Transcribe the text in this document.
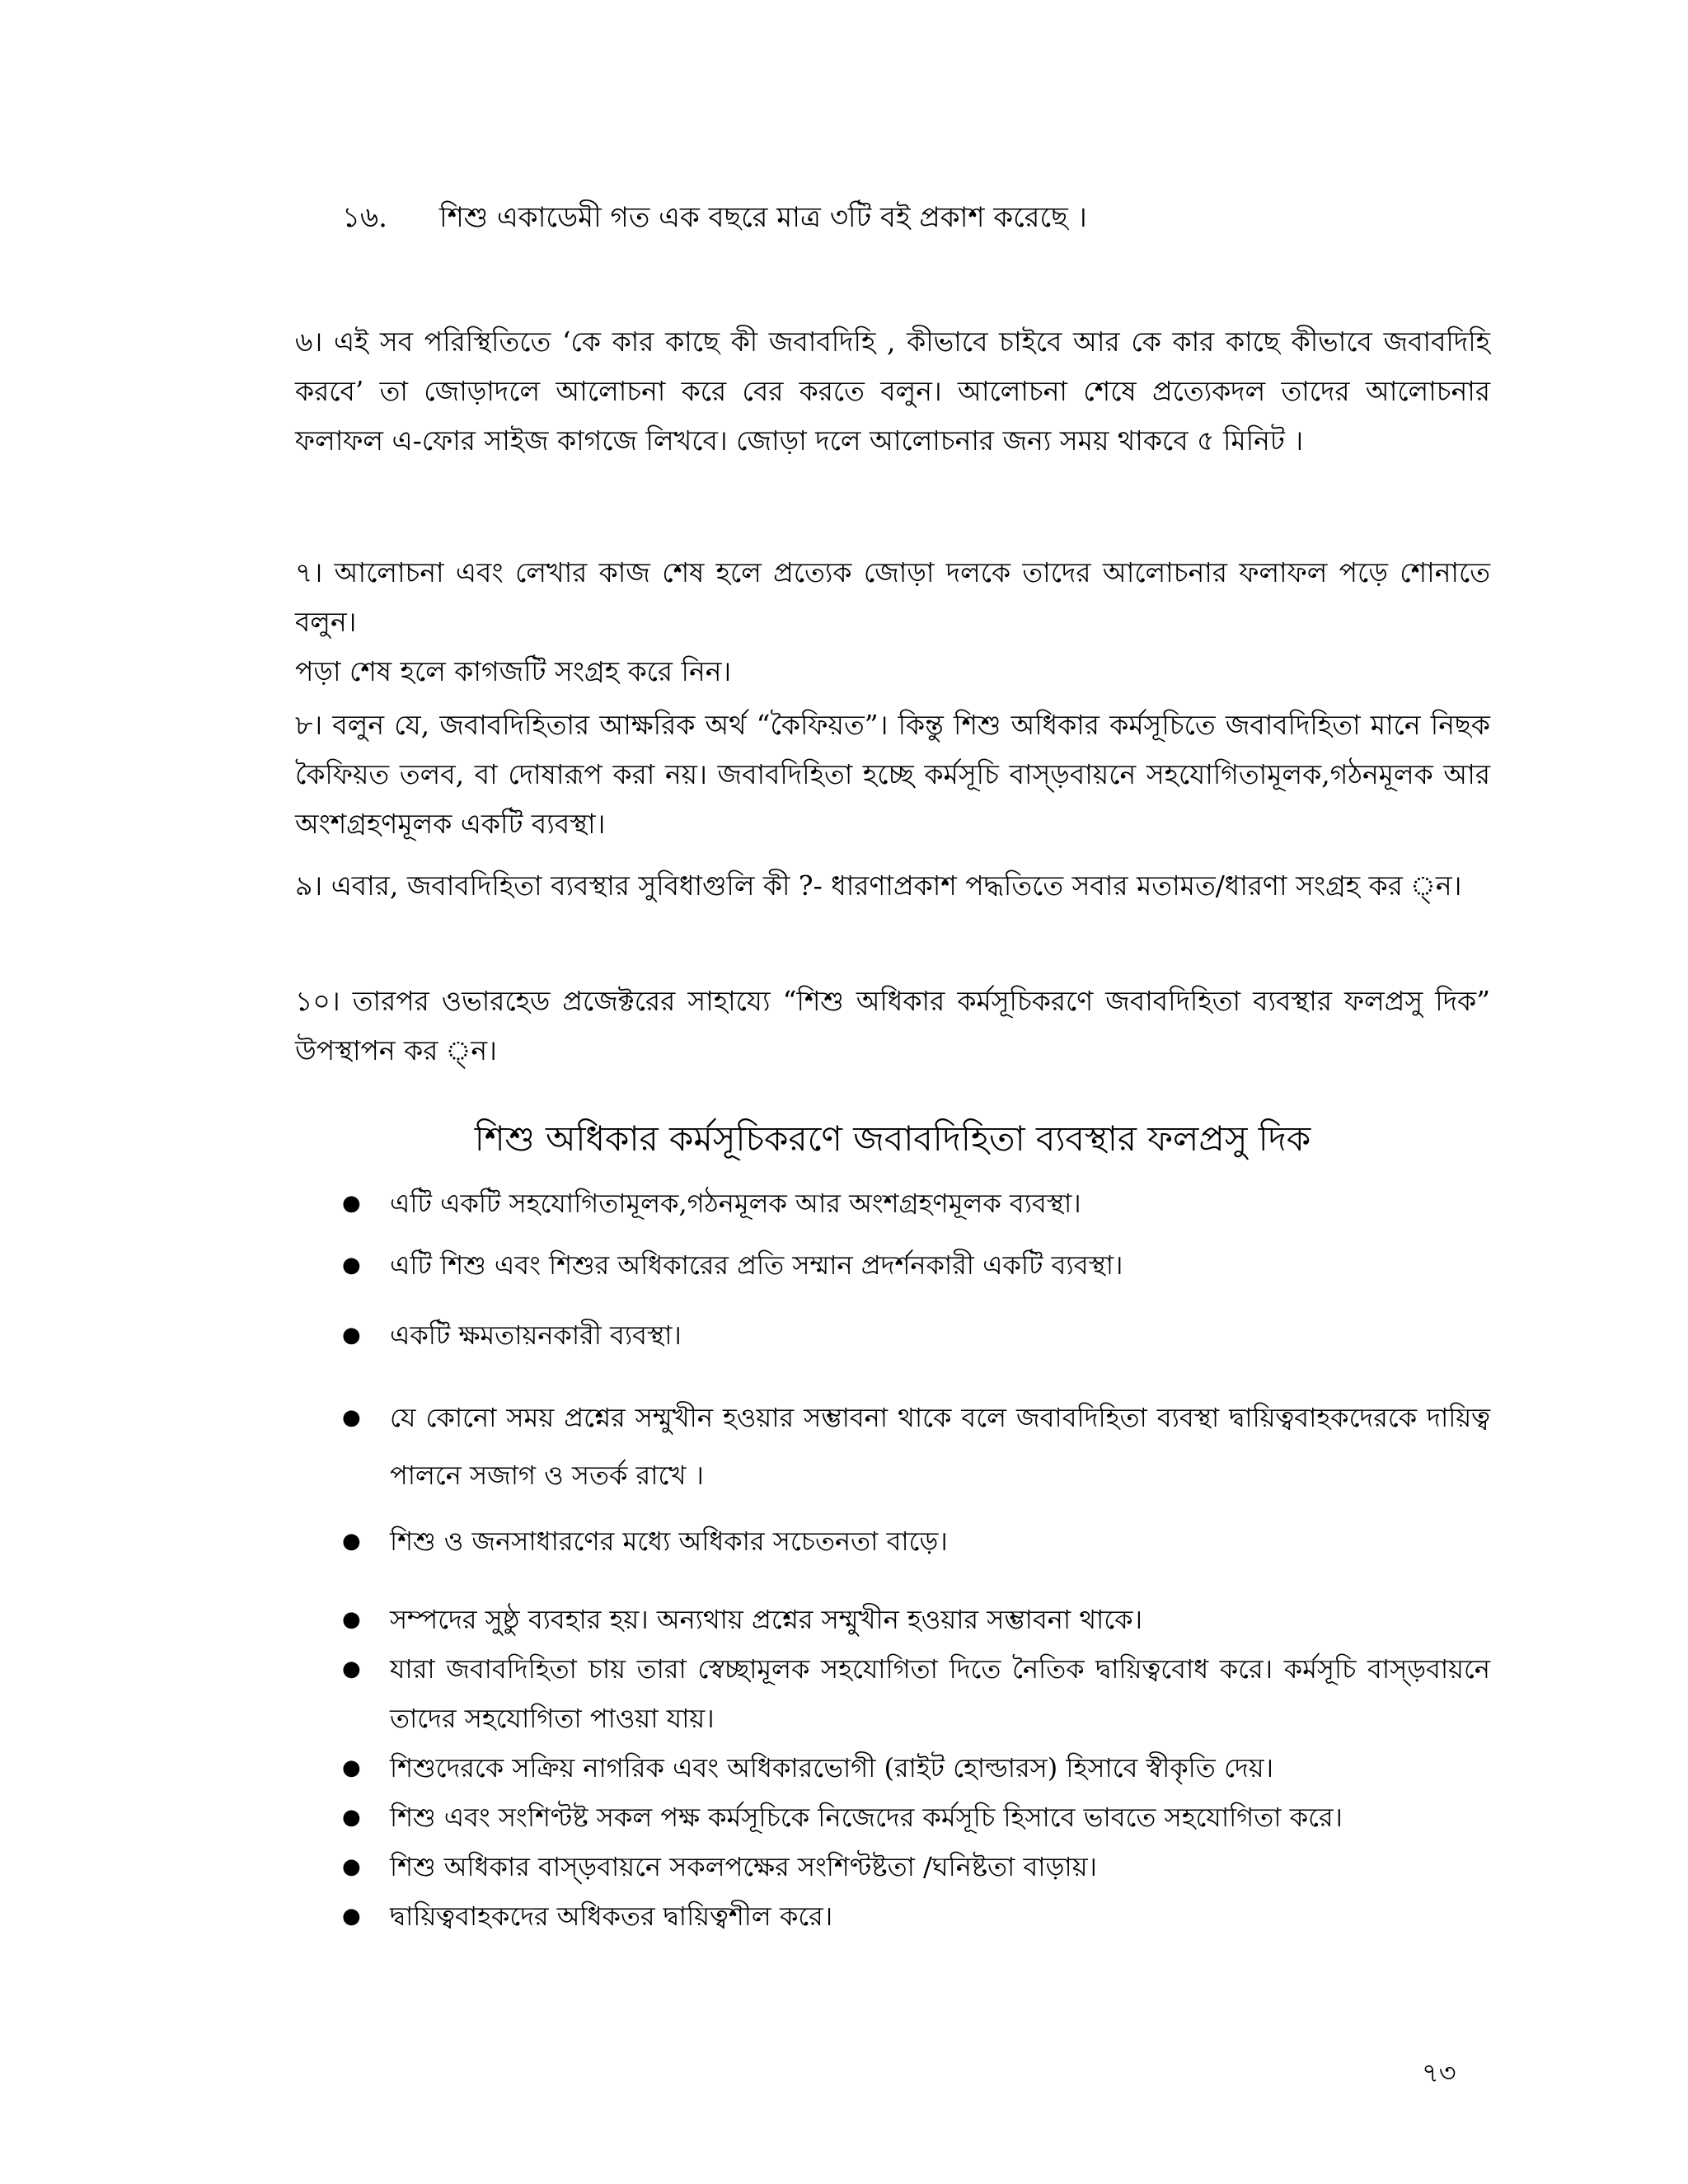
১৬. শিশু একাডেমী গত এক বছরে মাত্র ৩টি বই প্রকাশ করেছে ।
৬। এই সব পরিস্থিতিতে ‘কে কার কাছে কী জবাবদিহি , কীভাবে চাইবে আর কে কার কাছে কীভাবে জবাবদিহি করবে’ তা জোড়াদলে আলোচনা করে বের করতে বলুন। আলোচনা শেষে প্রত্যেকদল তাদের আলোচনার ফলাফল এ-ফোর সাইজ কাগজে লিখবে। জোড়া দলে আলোচনার জন্য সময় থাকবে ৫ মিনিট ।
৭। আলোচনা এবং লেখার কাজ শেষ হলে প্রত্যেক জোড়া দলকে তাদের আলোচনার ফলাফল পড়ে শোনাতে বলুন।
পড়া শেষ হলে কাগজটি সংগ্রহ করে নিন।
৮। বলুন যে, জবাবদিহিতার আক্ষরিক অর্থ “কৈফিয়ত”। কিন্তু শিশু অধিকার কর্মসূচিতে জবাবদিহিতা মানে নিছক কৈফিয়ত তলব, বা দোষারূপ করা নয়। জবাবদিহিতা হচ্ছে কর্মসূচি বাস্ড়বায়নে সহযোগিতামূলক,গঠনমূলক আর অংশগ্রহণমূলক একটি ব্যবস্থা।
৯। এবার, জবাবদিহিতা ব্যবস্থার সুবিধাগুলি কী ?- ধারণাপ্রকাশ পদ্ধতিতে সবার মতামত/ধারণা সংগ্রহ কর ্ন।
১০। তারপর ওভারহেড প্রজেক্টরের সাহায্যে “শিশু অধিকার কর্মসূচিকরণে জবাবদিহিতা ব্যবস্থার ফলপ্রসু দিক” উপস্থাপন কর ্ন।
শিশু অধিকার কর্মসূচিকরণে জবাবদিহিতা ব্যবস্থার ফলপ্রসু দিক
●	এটি একটি সহযোগিতামূলক,গঠনমূলক আর অংশগ্রহণমূলক ব্যবস্থা।
●	এটি শিশু এবং শিশুর অধিকারের প্রতি সম্মান প্রদর্শনকারী একটি ব্যবস্থা।
●	একটি ক্ষমতায়নকারী ব্যবস্থা।
●	যে কোনো সময় প্রশ্নের সম্মুখীন হওয়ার সম্ভাবনা থাকে বলে জবাবদিহিতা ব্যবস্থা দ্বায়িত্ববাহকদেরকে দায়িত্ব পালনে সজাগ ও সতর্ক রাখে ।
●	শিশু ও জনসাধারণের মধ্যে অধিকার সচেতনতা বাড়ে।
●	সম্পদের সুষ্ঠু ব্যবহার হয়। অন্যথায় প্রশ্নের সম্মুখীন হওয়ার সম্ভাবনা থাকে।
●	যারা জবাবদিহিতা চায় তারা স্বেচ্ছামূলক সহযোগিতা দিতে নৈতিক দ্বায়িত্ববোধ করে। কর্মসূচি বাস্ড়বায়নে তাদের সহযোগিতা পাওয়া যায়।
●	শিশুদেরকে সক্রিয় নাগরিক এবং অধিকারভোগী (রাইট হোল্ডারস) হিসাবে স্বীকৃতি দেয়।
●	শিশু এবং সংশিণ্টষ্ট সকল পক্ষ কর্মসূচিকে নিজেদের কর্মসূচি হিসাবে ভাবতে সহযোগিতা করে।
●	শিশু অধিকার বাস্ড়বায়নে সকলপক্ষের সংশিণ্টষ্টতা /ঘনিষ্টতা বাড়ায়।
●	দ্বায়িত্ববাহকদের অধিকতর দ্বায়িত্বশীল করে।
৭৩
